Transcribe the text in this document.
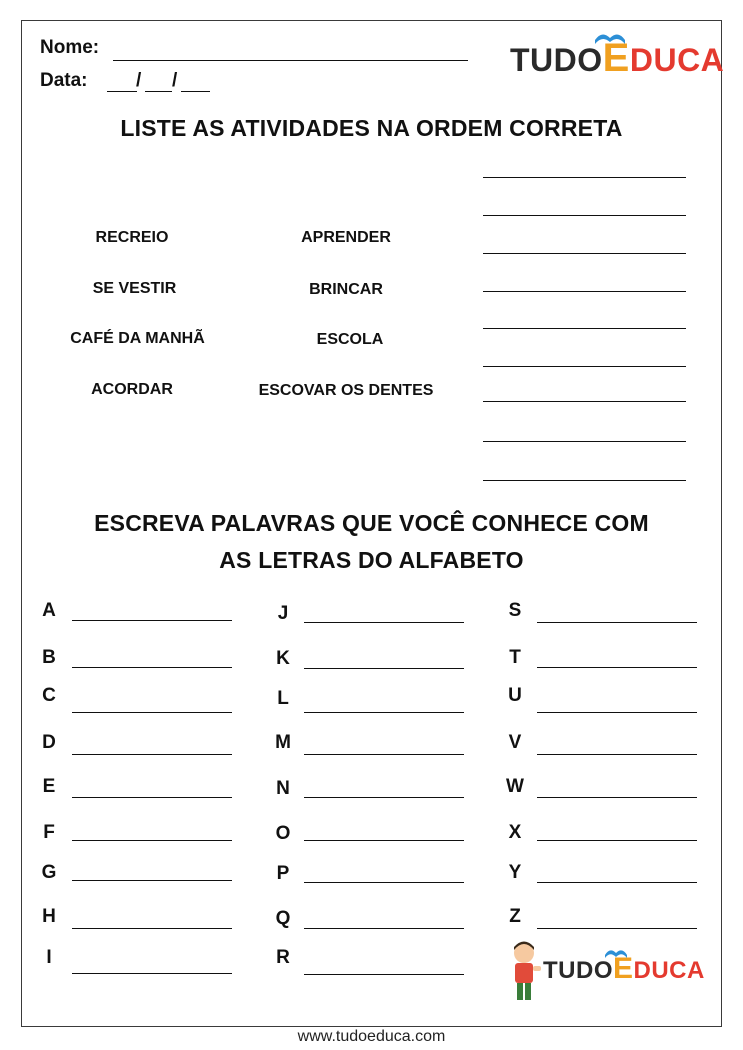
Nome:
Data:	/ /
TUDOEDUCA
LISTE AS ATIVIDADES NA ORDEM CORRETA
RECREIO	APRENDER
SE VESTIR	BRINCAR
CAFÉ DA MANHÃ	ESCOLA
ACORDAR	ESCOVAR OS DENTES
ESCREVA PALAVRAS QUE VOCÊ CONHECE COM
AS LETRAS DO ALFABETO
A
B
C
D
E
F
G
H
I
J
K
L
M
N
O
P
Q
R
S
T
U
V
W
X
Y
Z
TUDOEDUCA
www.tudoeduca.com
